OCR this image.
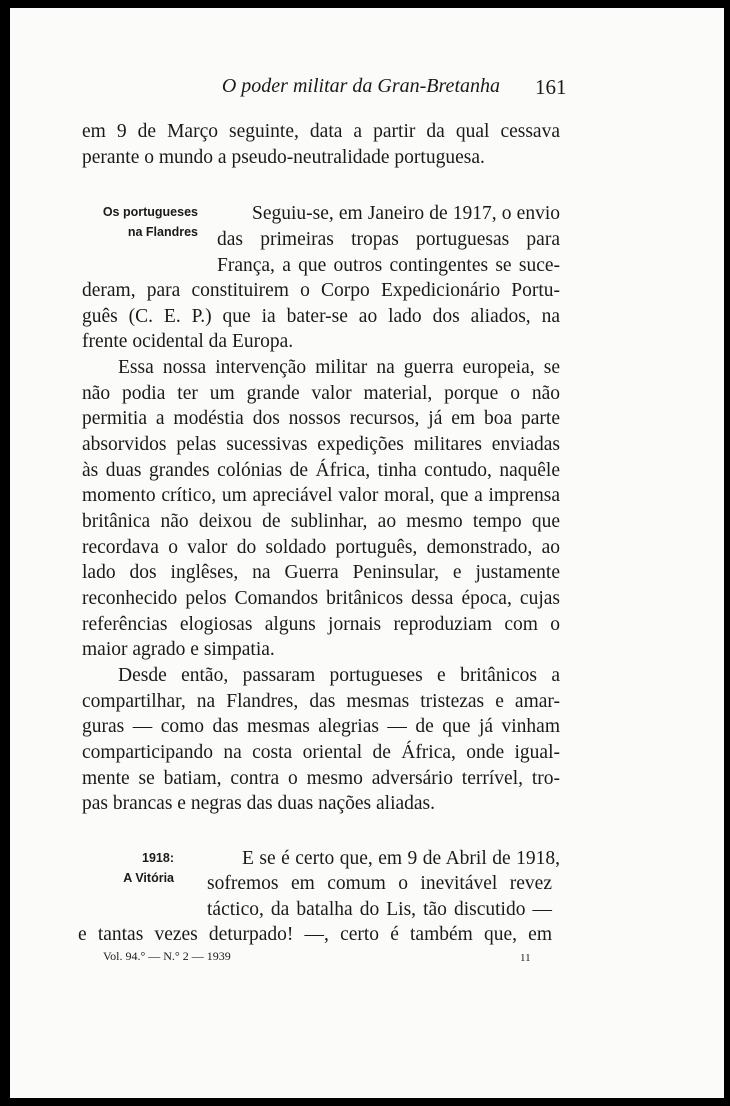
O poder militar da Gran-Bretanha	161
em 9 de Março seguinte, data a partir da qual cessava
perante o mundo a pseudo-neutralidade portuguesa.
Os portugueses
na Flandres
Seguiu-se, em Janeiro de 1917, o envio
das primeiras tropas portuguesas para
França, a que outros contingentes se suce-
deram, para constituirem o Corpo Expedicionário Portu-
guês (C. E. P.) que ia bater-se ao lado dos aliados, na
frente ocidental da Europa.
Essa nossa intervenção militar na guerra europeia, se
não podia ter um grande valor material, porque o não
permitia a modéstia dos nossos recursos, já em boa parte
absorvidos pelas sucessivas expedições militares enviadas
às duas grandes colónias de África, tinha contudo, naquêle
momento crítico, um apreciável valor moral, que a imprensa
britânica não deixou de sublinhar, ao mesmo tempo que
recordava o valor do soldado português, demonstrado, ao
lado dos inglêses, na Guerra Peninsular, e justamente
reconhecido pelos Comandos britânicos dessa época, cujas
referências elogiosas alguns jornais reproduziam com o
maior agrado e simpatia.
Desde então, passaram portugueses e britânicos a
compartilhar, na Flandres, das mesmas tristezas e amar-
guras — como das mesmas alegrias — de que já vinham
comparticipando na costa oriental de África, onde igual-
mente se batiam, contra o mesmo adversário terrível, tro-
pas brancas e negras das duas nações aliadas.
1918:
A Vitória
E se é certo que, em 9 de Abril de 1918,
sofremos em comum o inevitável revez
táctico, da batalha do Lis, tão discutido —
e tantas vezes deturpado! —, certo é também que, em
Vol. 94.° — N.° 2 — 1939	11
